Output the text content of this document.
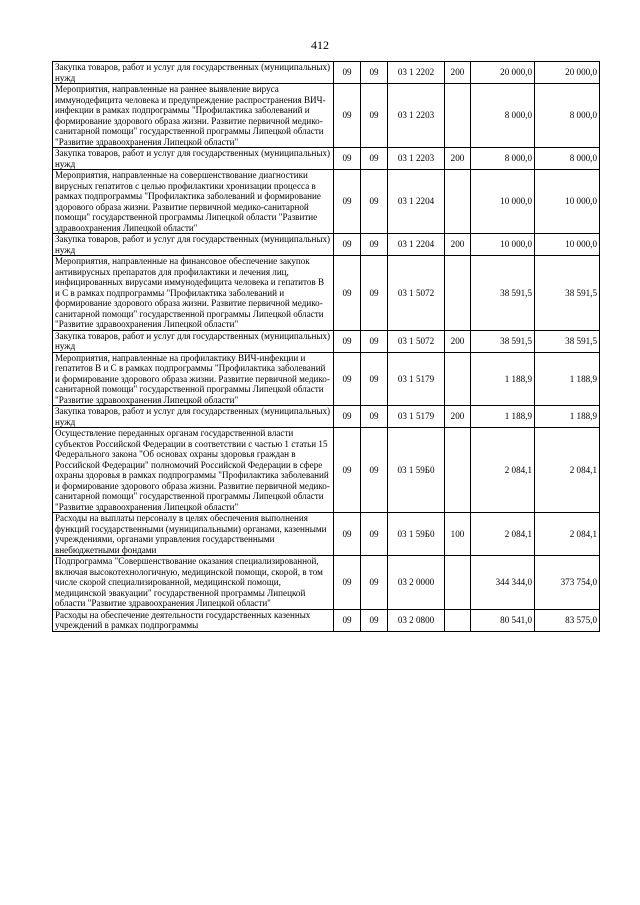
412
Закупка товаров, работ и услуг для государственных (муниципальных) нужд	09	09	03 1 2202	200	20 000,0	20 000,0
Мероприятия, направленные на раннее выявление вируса иммунодефицита человека и предупреждение распространения ВИЧ-инфекции в рамках подпрограммы "Профилактика заболеваний и формирование здорового образа жизни. Развитие первичной медико-санитарной помощи" государственной программы Липецкой области "Развитие здравоохранения Липецкой области"	09	09	03 1 2203		8 000,0	8 000,0
Закупка товаров, работ и услуг для государственных (муниципальных) нужд	09	09	03 1 2203	200	8 000,0	8 000,0
Мероприятия, направленные на совершенствование диагностики вирусных гепатитов с целью профилактики хронизации процесса в рамках подпрограммы "Профилактика заболеваний и формирование здорового образа жизни. Развитие первичной медико-санитарной помощи" государственной программы Липецкой области "Развитие здравоохранения Липецкой области"	09	09	03 1 2204		10 000,0	10 000,0
Закупка товаров, работ и услуг для государственных (муниципальных) нужд	09	09	03 1 2204	200	10 000,0	10 000,0
Мероприятия, направленные на финансовое обеспечение закупок антивирусных препаратов для профилактики и лечения лиц, инфицированных вирусами иммунодефицита человека и гепатитов В и С в рамках подпрограммы "Профилактика заболеваний и формирование здорового образа жизни. Развитие первичной медико-санитарной помощи" государственной программы Липецкой области "Развитие здравоохранения Липецкой области"	09	09	03 1 5072		38 591,5	38 591,5
Закупка товаров, работ и услуг для государственных (муниципальных) нужд	09	09	03 1 5072	200	38 591,5	38 591,5
Мероприятия, направленные на профилактику ВИЧ-инфекции и гепатитов В и С в рамках подпрограммы "Профилактика заболеваний и формирование здорового образа жизни. Развитие первичной медико-санитарной помощи" государственной программы Липецкой области "Развитие здравоохранения Липецкой области"	09	09	03 1 5179		1 188,9	1 188,9
Закупка товаров, работ и услуг для государственных (муниципальных) нужд	09	09	03 1 5179	200	1 188,9	1 188,9
Осуществление переданных органам государственной власти субъектов Российской Федерации в соответствии с частью 1 статьи 15 Федерального закона "Об основах охраны здоровья граждан в Российской Федерации" полномочий Российской Федерации в сфере охраны здоровья в рамках подпрограммы "Профилактика заболеваний и формирование здорового образа жизни. Развитие первичной медико-санитарной помощи" государственной программы Липецкой области "Развитие здравоохранения Липецкой области"	09	09	03 1 59Б0		2 084,1	2 084,1
Расходы на выплаты персоналу в целях обеспечения выполнения функций государственными (муниципальными) органами, казенными учреждениями, органами управления государственными внебюджетными фондами	09	09	03 1 59Б0	100	2 084,1	2 084,1
Подпрограмма "Совершенствование оказания специализированной, включая высокотехнологичную, медицинской помощи, скорой, в том числе скорой специализированной, медицинской помощи, медицинской эвакуации" государственной программы Липецкой области "Развитие здравоохранения Липецкой области"	09	09	03 2 0000		344 344,0	373 754,0
Расходы на обеспечение деятельности государственных казенных учреждений в рамках подпрограммы	09	09	03 2 0800		80 541,0	83 575,0
